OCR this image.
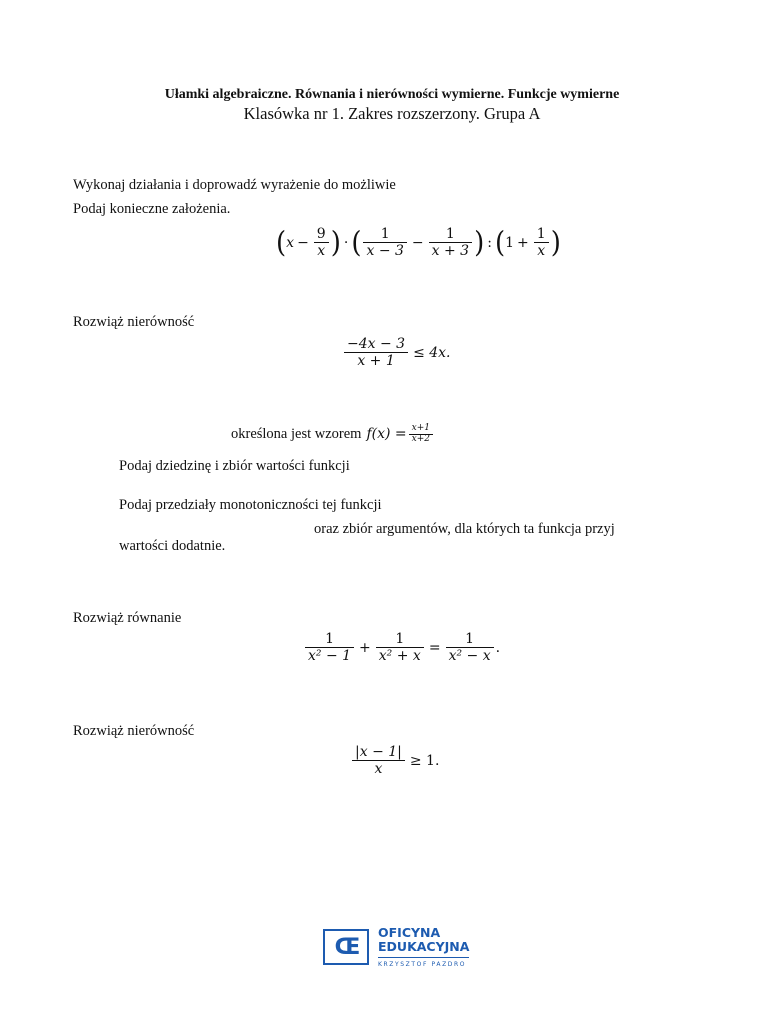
Ułamki algebraiczne. Równania i nierówności wymierne. Funkcje wymierne
Klasówka nr 1. Zakres rozszerzony. Grupa A
Wykonaj działania i doprowadź wyrażenie do możliwie
Podaj konieczne założenia.
( $x - \frac{9}{x}$ ) · ( $\frac{1}{x - 3} - \frac{1}{x + 3}$ ) : ( $1 + \frac{1}{x}$ )
Rozwiąż nierówność
$\frac{-4x - 3}{x + 1} \le 4x$.
określona jest wzorem $f(x) = \frac{x+1}{x+2}$
Podaj dziedzinę i zbiór wartości funkcji
Podaj przedziały monotoniczności tej funkcji
oraz zbiór argumentów, dla których ta funkcja przyj
wartości dodatnie.
Rozwiąż równanie
$\frac{1}{\text{x² − 1}} + \frac{1}{\text{x² + x}} = \frac{1}{\text{x² − x}}$ .
Rozwiąż nierówność
$\frac{|x - 1|}{x} \ge 1$.
Œ
OFICYNA
EDUKACYJNA
KRZYSZTOF PAZDRO
